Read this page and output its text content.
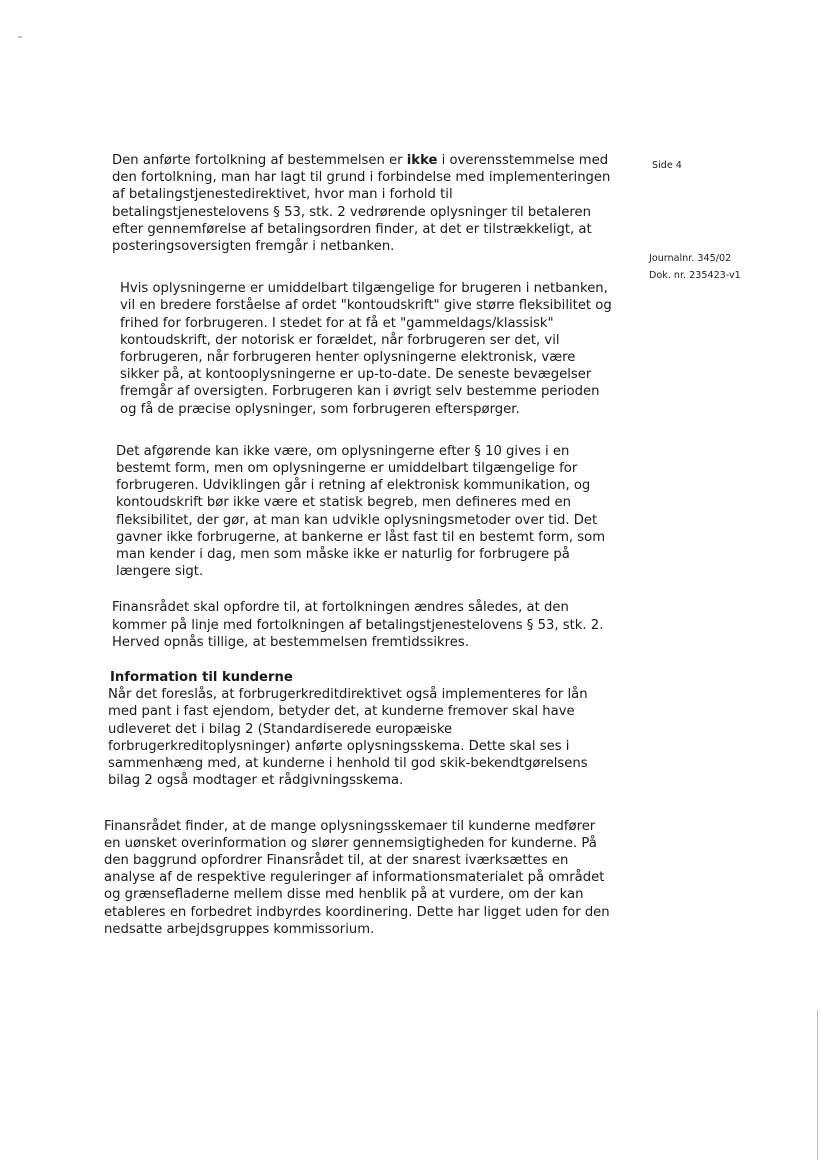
Den anførte fortolkning af bestemmelsen er ikke i overensstemmelse med den fortolkning, man har lagt til grund i forbindelse med implementeringen af betalingstjenestedirektivet, hvor man i forhold til betalingstjenestelovens § 53, stk. 2 vedrørende oplysninger til betaleren efter gennemførelse af betalingsordren finder, at det er tilstrækkeligt, at posteringsoversigten fremgår i netbanken.

Hvis oplysningerne er umiddelbart tilgængelige for brugeren i netbanken, vil en bredere forståelse af ordet "kontoudskrift" give større fleksibilitet og frihed for forbrugeren. I stedet for at få et "gammeldags/klassisk" kontoudskrift, der notorisk er forældet, når forbrugeren ser det, vil forbrugeren, når forbrugeren henter oplysningerne elektronisk, være sikker på, at kontooplysningerne er up-to-date. De seneste bevægelser fremgår af oversigten. Forbrugeren kan i øvrigt selv bestemme perioden og få de præcise oplysninger, som forbrugeren efterspørger.

Det afgørende kan ikke være, om oplysningerne efter § 10 gives i en bestemt form, men om oplysningerne er umiddelbart tilgængelige for forbrugeren. Udviklingen går i retning af elektronisk kommunikation, og kontoudskrift bør ikke være et statisk begreb, men defineres med en fleksibilitet, der gør, at man kan udvikle oplysningsmetoder over tid. Det gavner ikke forbrugerne, at bankerne er låst fast til en bestemt form, som man kender i dag, men som måske ikke er naturlig for forbrugere på længere sigt.

Finansrådet skal opfordre til, at fortolkningen ændres således, at den kommer på linje med fortolkningen af betalingstjenestelovens § 53, stk. 2. Herved opnås tillige, at bestemmelsen fremtidssikres.

Information til kunderne

Når det foreslås, at forbrugerkreditdirektivet også implementeres for lån med pant i fast ejendom, betyder det, at kunderne fremover skal have udleveret det i bilag 2 (Standardiserede europæiske forbrugerkreditoplysninger) anførte oplysningsskema. Dette skal ses i sammenhæng med, at kunderne i henhold til god skik-bekendtgørelsens bilag 2 også modtager et rådgivningsskema.

Finansrådet finder, at de mange oplysningsskemaer til kunderne medfører en uønsket overinformation og slører gennemsigtigheden for kunderne. På den baggrund opfordrer Finansrådet til, at der snarest iværksættes en analyse af de respektive reguleringer af informationsmaterialet på området og grænsefladerne mellem disse med henblik på at vurdere, om der kan etableres en forbedret indbyrdes koordinering. Dette har ligget uden for den nedsatte arbejdsgruppes kommissorium.

Side 4
Journalnr. 345/02
Dok. nr. 235423-v1
